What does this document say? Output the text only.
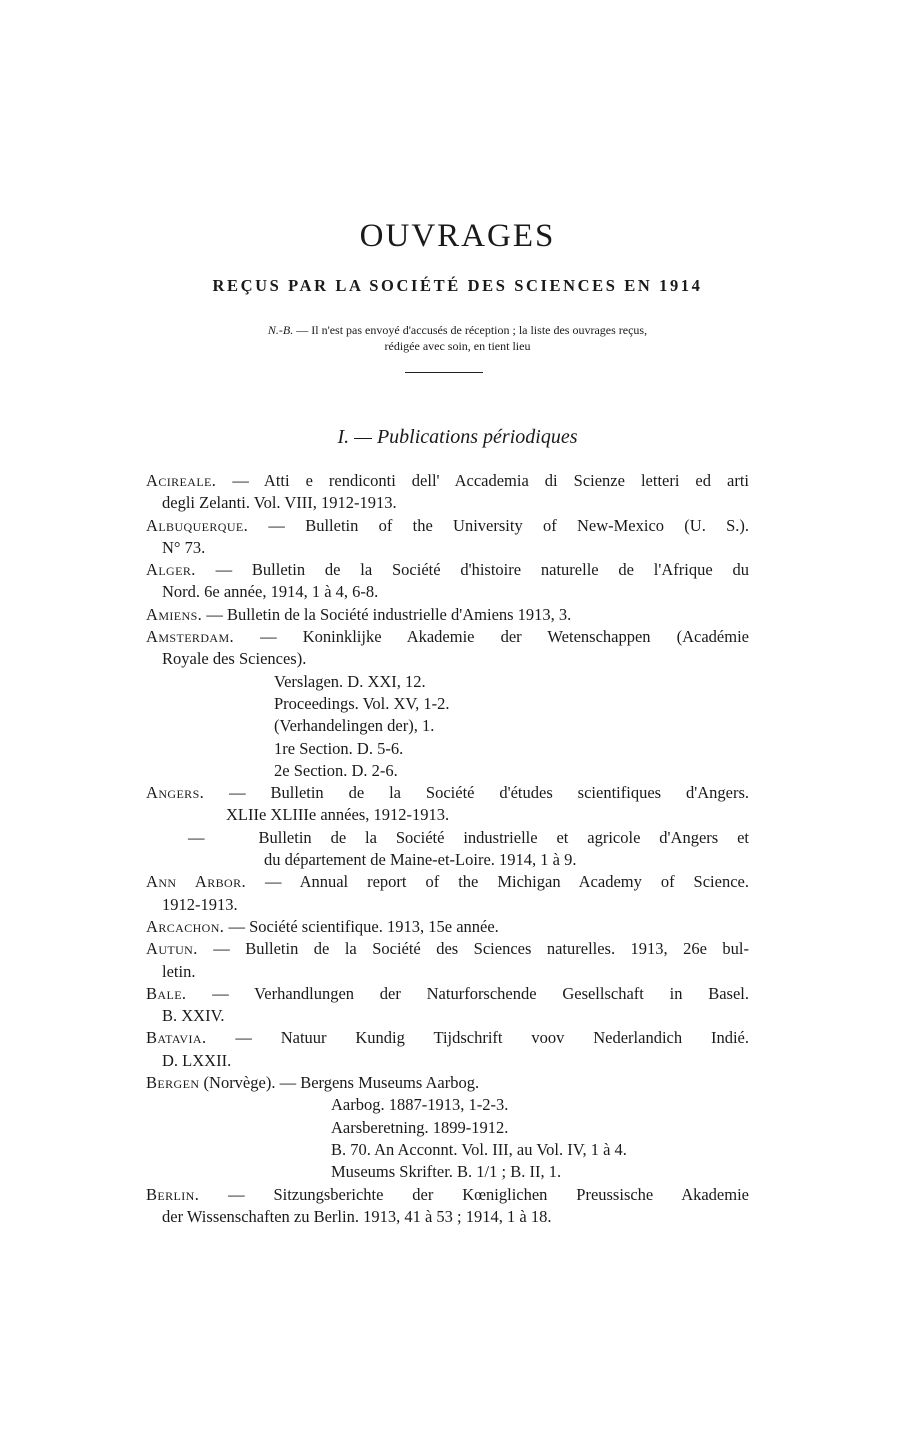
OUVRAGES
REÇUS PAR LA SOCIÉTÉ DES SCIENCES EN 1914
N.-B. — Il n'est pas envoyé d'accusés de réception ; la liste des ouvrages reçus,
rédigée avec soin, en tient lieu
I. — Publications périodiques
Acireale. — Atti e rendiconti dell' Accademia di Scienze letteri ed arti
degli Zelanti. Vol. VIII, 1912-1913.
Albuquerque. — Bulletin of the University of New-Mexico (U. S.).
N° 73.
Alger. — Bulletin de la Société d'histoire naturelle de l'Afrique du
Nord. 6e année, 1914, 1 à 4, 6-8.
Amiens. — Bulletin de la Société industrielle d'Amiens 1913, 3.
Amsterdam. — Koninklijke Akademie der Wetenschappen (Académie
Royale des Sciences).
Verslagen. D. XXI, 12.
Proceedings. Vol. XV, 1-2.
(Verhandelingen der), 1.
1re Section. D. 5-6.
2e Section. D. 2-6.
Angers. — Bulletin de la Société d'études scientifiques d'Angers.
XLIIe XLIIIe années, 1912-1913.
—	Bulletin de la Société industrielle et agricole d'Angers et
du département de Maine-et-Loire. 1914, 1 à 9.
Ann Arbor. — Annual report of the Michigan Academy of Science.
1912-1913.
Arcachon. — Société scientifique. 1913, 15e année.
Autun. — Bulletin de la Société des Sciences naturelles. 1913, 26e bul-
letin.
Bale. — Verhandlungen der Naturforschende Gesellschaft in Basel.
B. XXIV.
Batavia. — Natuur Kundig Tijdschrift voov Nederlandich Indié.
D. LXXII.
Bergen (Norvège). — Bergens Museums Aarbog.
Aarbog. 1887-1913, 1-2-3.
Aarsberetning. 1899-1912.
B. 70. An Acconnt. Vol. III, au Vol. IV, 1 à 4.
Museums Skrifter. B. 1/1 ; B. II, 1.
Berlin. — Sitzungsberichte der Kœniglichen Preussische Akademie
der Wissenschaften zu Berlin. 1913, 41 à 53 ; 1914, 1 à 18.
